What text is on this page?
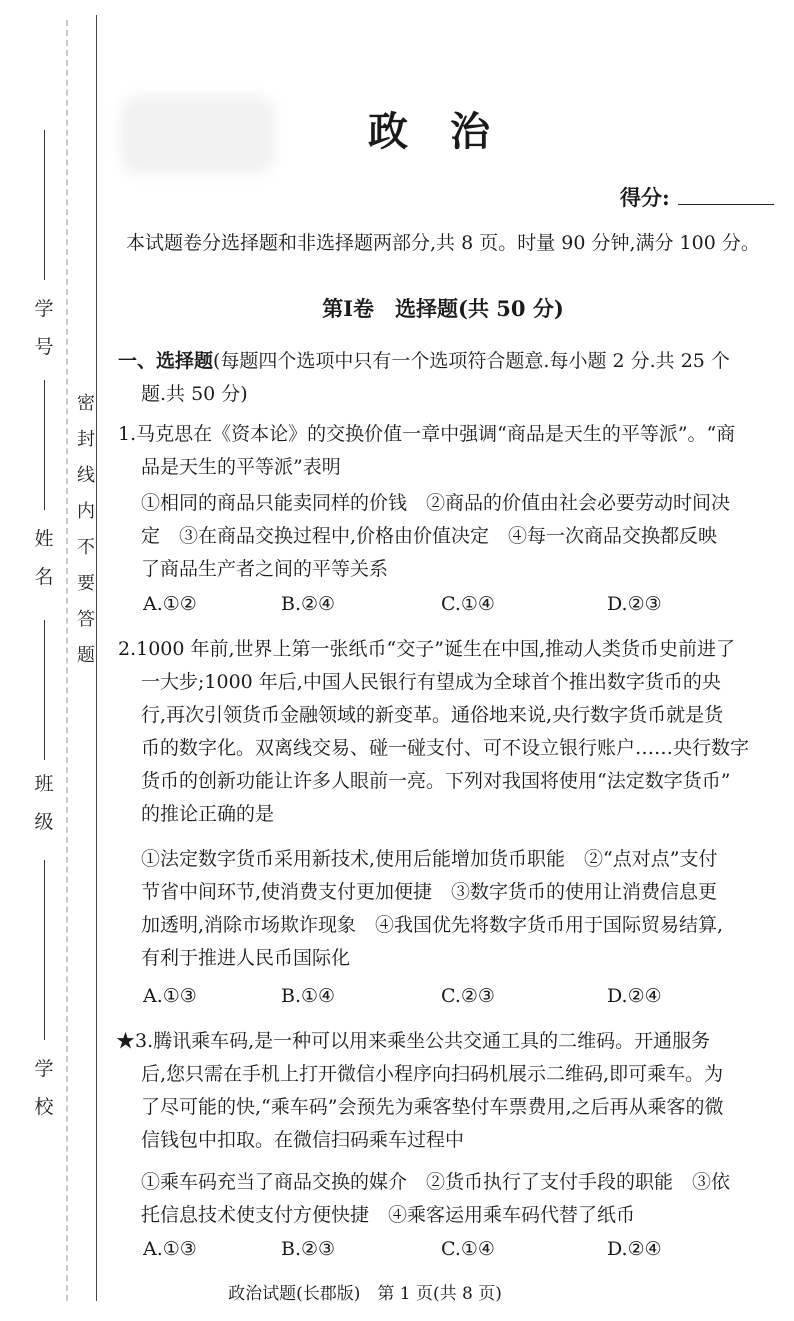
学

号

姓

名

班

级

学

校

密

封

线

内

不

要

答

题

政治
得分:
本试题卷分选择题和非选择题两部分,共 8 页。时量 90 分钟,满分 100 分。
第Ⅰ卷　选择题(共 50 分)
一、选择题(每题四个选项中只有一个选项符合题意.每小题 2 分.共 25 个
题.共 50 分)
1.马克思在《资本论》的交换价值一章中强调“商品是天生的平等派”。“商
品是天生的平等派”表明
①相同的商品只能卖同样的价钱　②商品的价值由社会必要劳动时间决
定　③在商品交换过程中,价格由价值决定　④每一次商品交换都反映
了商品生产者之间的平等关系
A.①②	B.②④	C.①④	D.②③
2.1000 年前,世界上第一张纸币“交子”诞生在中国,推动人类货币史前进了
一大步;1000 年后,中国人民银行有望成为全球首个推出数字货币的央
行,再次引领货币金融领域的新变革。通俗地来说,央行数字货币就是货
币的数字化。双离线交易、碰一碰支付、可不设立银行账户……央行数字
货币的创新功能让许多人眼前一亮。下列对我国将使用“法定数字货币”
的推论正确的是
①法定数字货币采用新技术,使用后能增加货币职能　②“点对点”支付
节省中间环节,使消费支付更加便捷　③数字货币的使用让消费信息更
加透明,消除市场欺诈现象　④我国优先将数字货币用于国际贸易结算,
有利于推进人民币国际化
A.①③	B.①④	C.②③	D.②④
★3.腾讯乘车码,是一种可以用来乘坐公共交通工具的二维码。开通服务
后,您只需在手机上打开微信小程序向扫码机展示二维码,即可乘车。为
了尽可能的快,“乘车码”会预先为乘客垫付车票费用,之后再从乘客的微
信钱包中扣取。在微信扫码乘车过程中
①乘车码充当了商品交换的媒介　②货币执行了支付手段的职能　③依
托信息技术使支付方便快捷　④乘客运用乘车码代替了纸币
A.①③	B.②③	C.①④	D.②④
政治试题(长郡版)　第 1 页(共 8 页)
